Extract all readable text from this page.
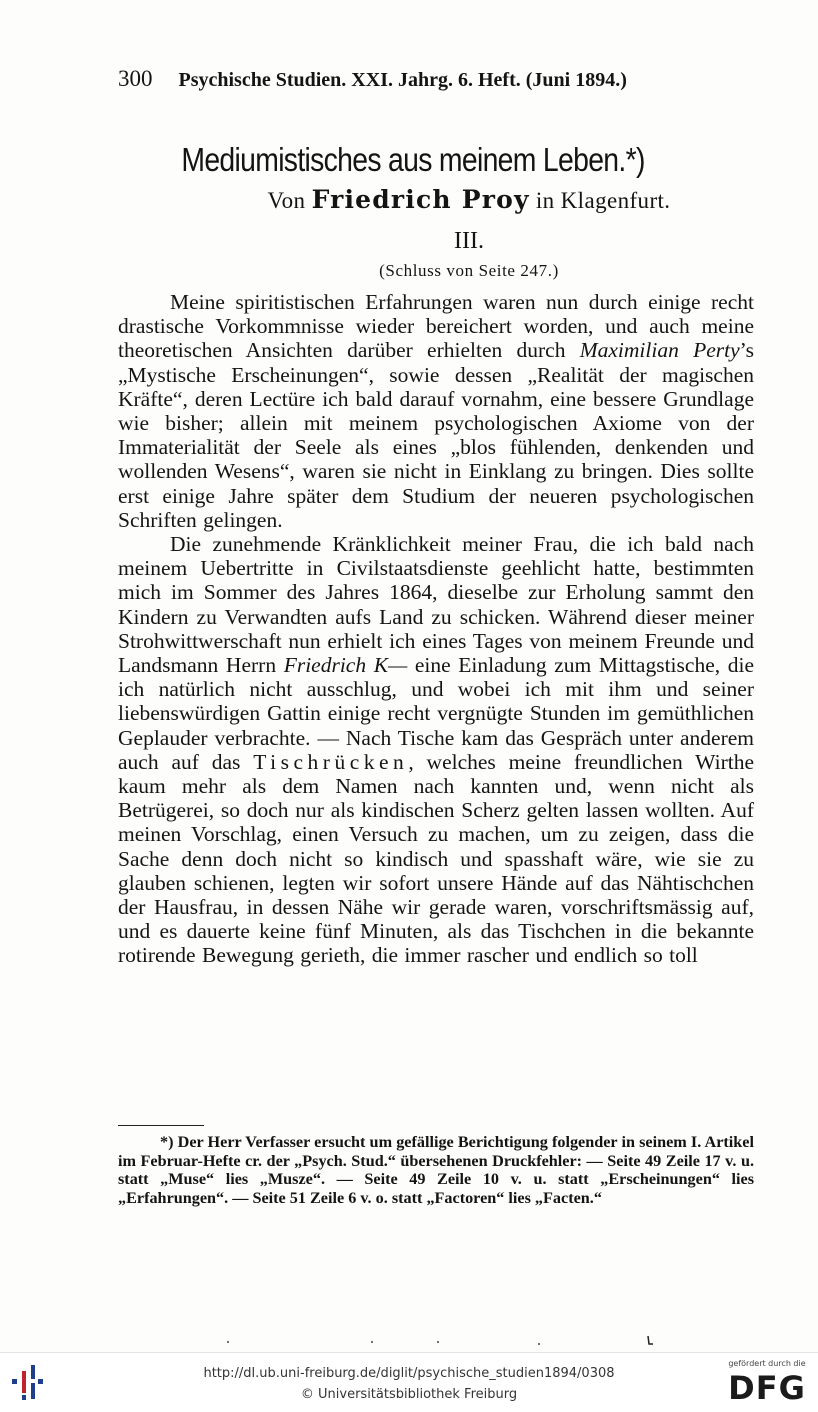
300 Psychische Studien. XXI. Jahrg. 6. Heft. (Juni 1894.)
Mediumistisches aus meinem Leben.*)
Von Friedrich Proy in Klagenfurt.
III.
(Schluss von Seite 247.)

Meine spiritistischen Erfahrungen waren nun durch einige recht drastische Vorkommnisse wieder bereichert worden, und auch meine theoretischen Ansichten darüber erhielten durch Maximilian Perty’s „Mystische Erscheinungen“, sowie dessen „Realität der magischen Kräfte“, deren Lectüre ich bald darauf vornahm, eine bessere Grundlage wie bisher; allein mit meinem psychologischen Axiome von der Immaterialität der Seele als eines „blos fühlenden, denkenden und wollenden Wesens“, waren sie nicht in Einklang zu bringen. Dies sollte erst einige Jahre später dem Studium der neueren psychologischen Schriften gelingen.

Die zunehmende Kränklichkeit meiner Frau, die ich bald nach meinem Uebertritte in Civilstaatsdienste geehlicht hatte, bestimmten mich im Sommer des Jahres 1864, dieselbe zur Erholung sammt den Kindern zu Verwandten aufs Land zu schicken. Während dieser meiner Strohwittwerschaft nun erhielt ich eines Tages von meinem Freunde und Landsmann Herrn Friedrich K— eine Einladung zum Mittagstische, die ich natürlich nicht ausschlug, und wobei ich mit ihm und seiner liebenswürdigen Gattin einige recht vergnügte Stunden im gemüthlichen Geplauder verbrachte. — Nach Tische kam das Gespräch unter anderem auch auf das Tischrücken, welches meine freundlichen Wirthe kaum mehr als dem Namen nach kannten und, wenn nicht als Betrügerei, so doch nur als kindischen Scherz gelten lassen wollten. Auf meinen Vorschlag, einen Versuch zu machen, um zu zeigen, dass die Sache denn doch nicht so kindisch und spasshaft wäre, wie sie zu glauben schienen, legten wir sofort unsere Hände auf das Nähtischchen der Hausfrau, in dessen Nähe wir gerade waren, vorschriftsmässig auf, und es dauerte keine fünf Minuten, als das Tischchen in die bekannte rotirende Bewegung gerieth, die immer rascher und endlich so toll

*) Der Herr Verfasser ersucht um gefällige Berichtigung folgender in seinem I. Artikel im Februar-Hefte cr. der „Psych. Stud.“ übersehenen Druckfehler: — Seite 49 Zeile 17 v. u. statt „Muse“ lies „Musze“. — Seite 49 Zeile 10 v. u. statt „Erscheinungen“ lies „Erfahrungen“. — Seite 51 Zeile 6 v. o. statt „Factoren“ lies „Facten.“

http://dl.ub.uni-freiburg.de/diglit/psychische_studien1894/0308
© Universitätsbibliothek Freiburg
gefördert durch die
DFG
